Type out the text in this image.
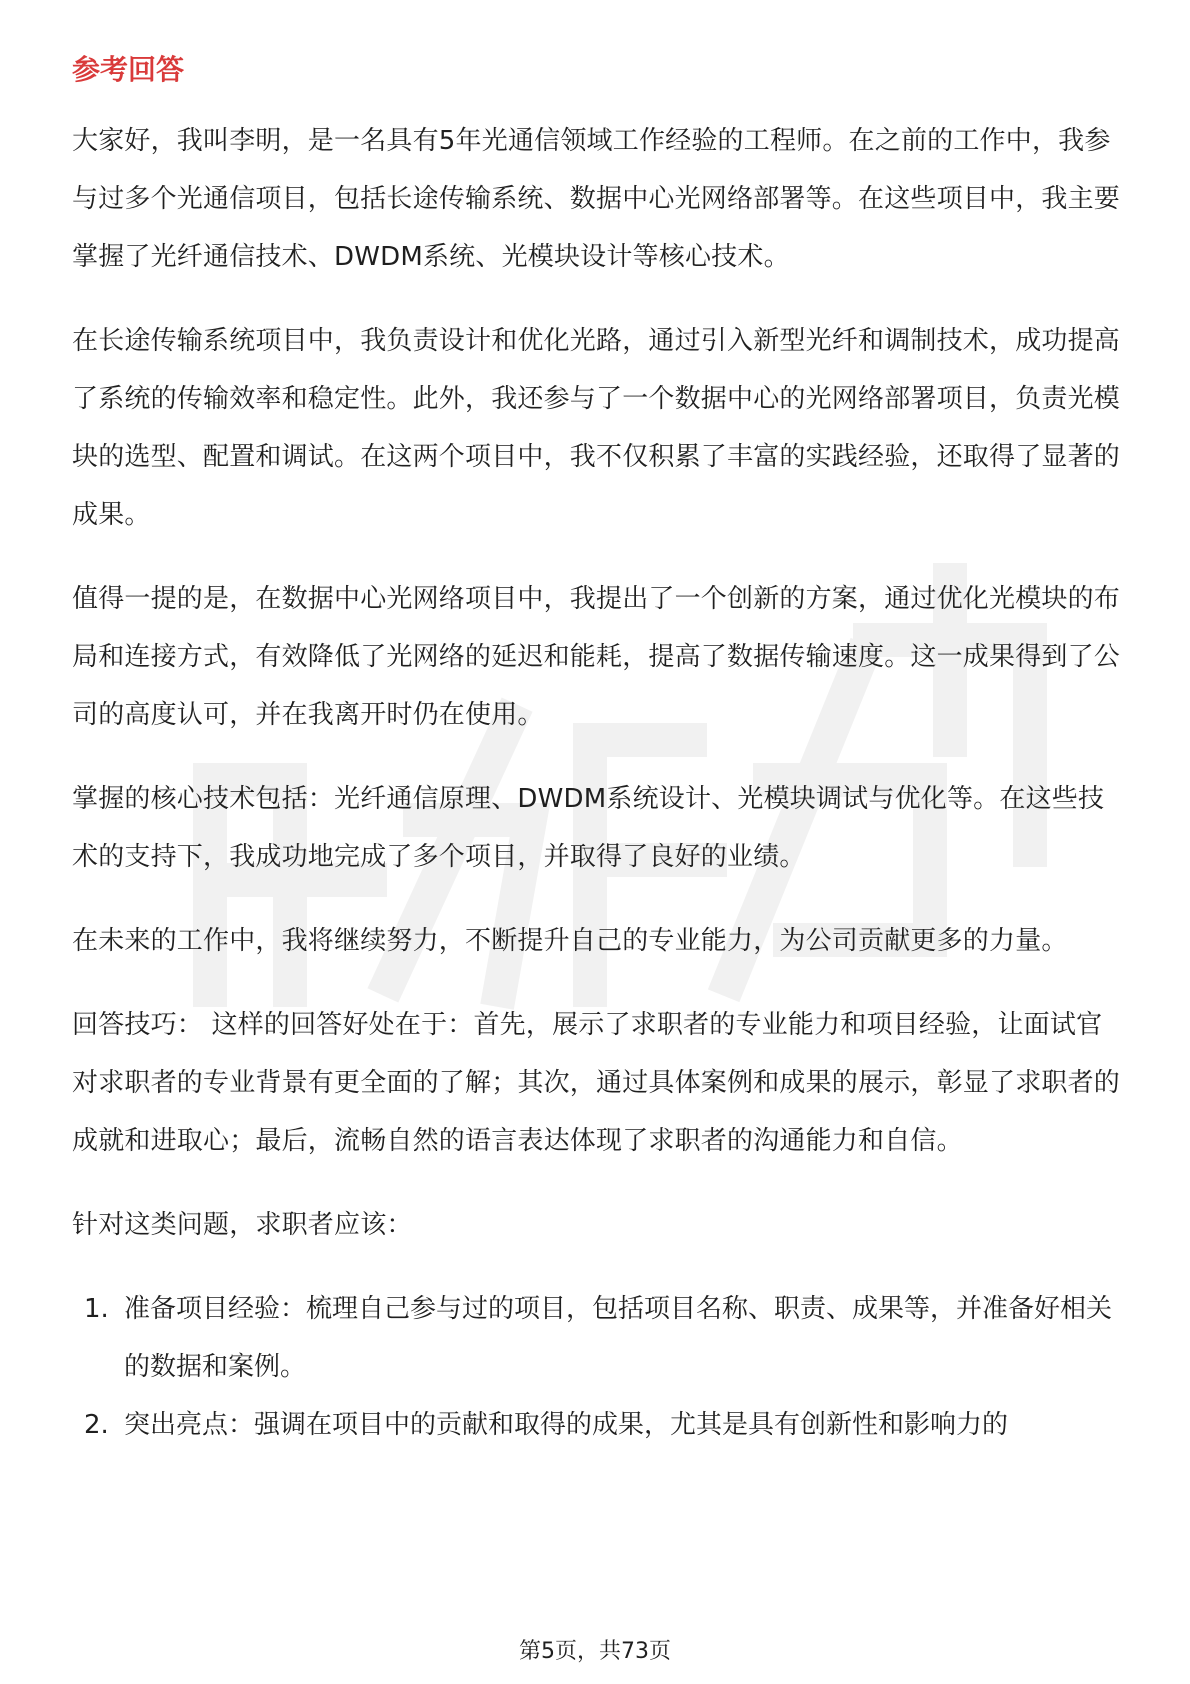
参考回答

大家好，我叫李明，是一名具有5年光通信领域工作经验的工程师。在之前的工作中，我参与过多个光通信项目，包括长途传输系统、数据中心光网络部署等。在这些项目中，我主要掌握了光纤通信技术、DWDM系统、光模块设计等核心技术。

在长途传输系统项目中，我负责设计和优化光路，通过引入新型光纤和调制技术，成功提高了系统的传输效率和稳定性。此外，我还参与了一个数据中心的光网络部署项目，负责光模块的选型、配置和调试。在这两个项目中，我不仅积累了丰富的实践经验，还取得了显著的成果。

值得一提的是，在数据中心光网络项目中，我提出了一个创新的方案，通过优化光模块的布局和连接方式，有效降低了光网络的延迟和能耗，提高了数据传输速度。这一成果得到了公司的高度认可，并在我离开时仍在使用。

掌握的核心技术包括：光纤通信原理、DWDM系统设计、光模块调试与优化等。在这些技术的支持下，我成功地完成了多个项目，并取得了良好的业绩。

在未来的工作中，我将继续努力，不断提升自己的专业能力，为公司贡献更多的力量。

回答技巧： 这样的回答好处在于：首先，展示了求职者的专业能力和项目经验，让面试官对求职者的专业背景有更全面的了解；其次，通过具体案例和成果的展示，彰显了求职者的成就和进取心；最后，流畅自然的语言表达体现了求职者的沟通能力和自信。

针对这类问题，求职者应该：

1. 准备项目经验：梳理自己参与过的项目，包括项目名称、职责、成果等，并准备好相关的数据和案例。
2. 突出亮点：强调在项目中的贡献和取得的成果，尤其是具有创新性和影响力的
第5页，共73页
